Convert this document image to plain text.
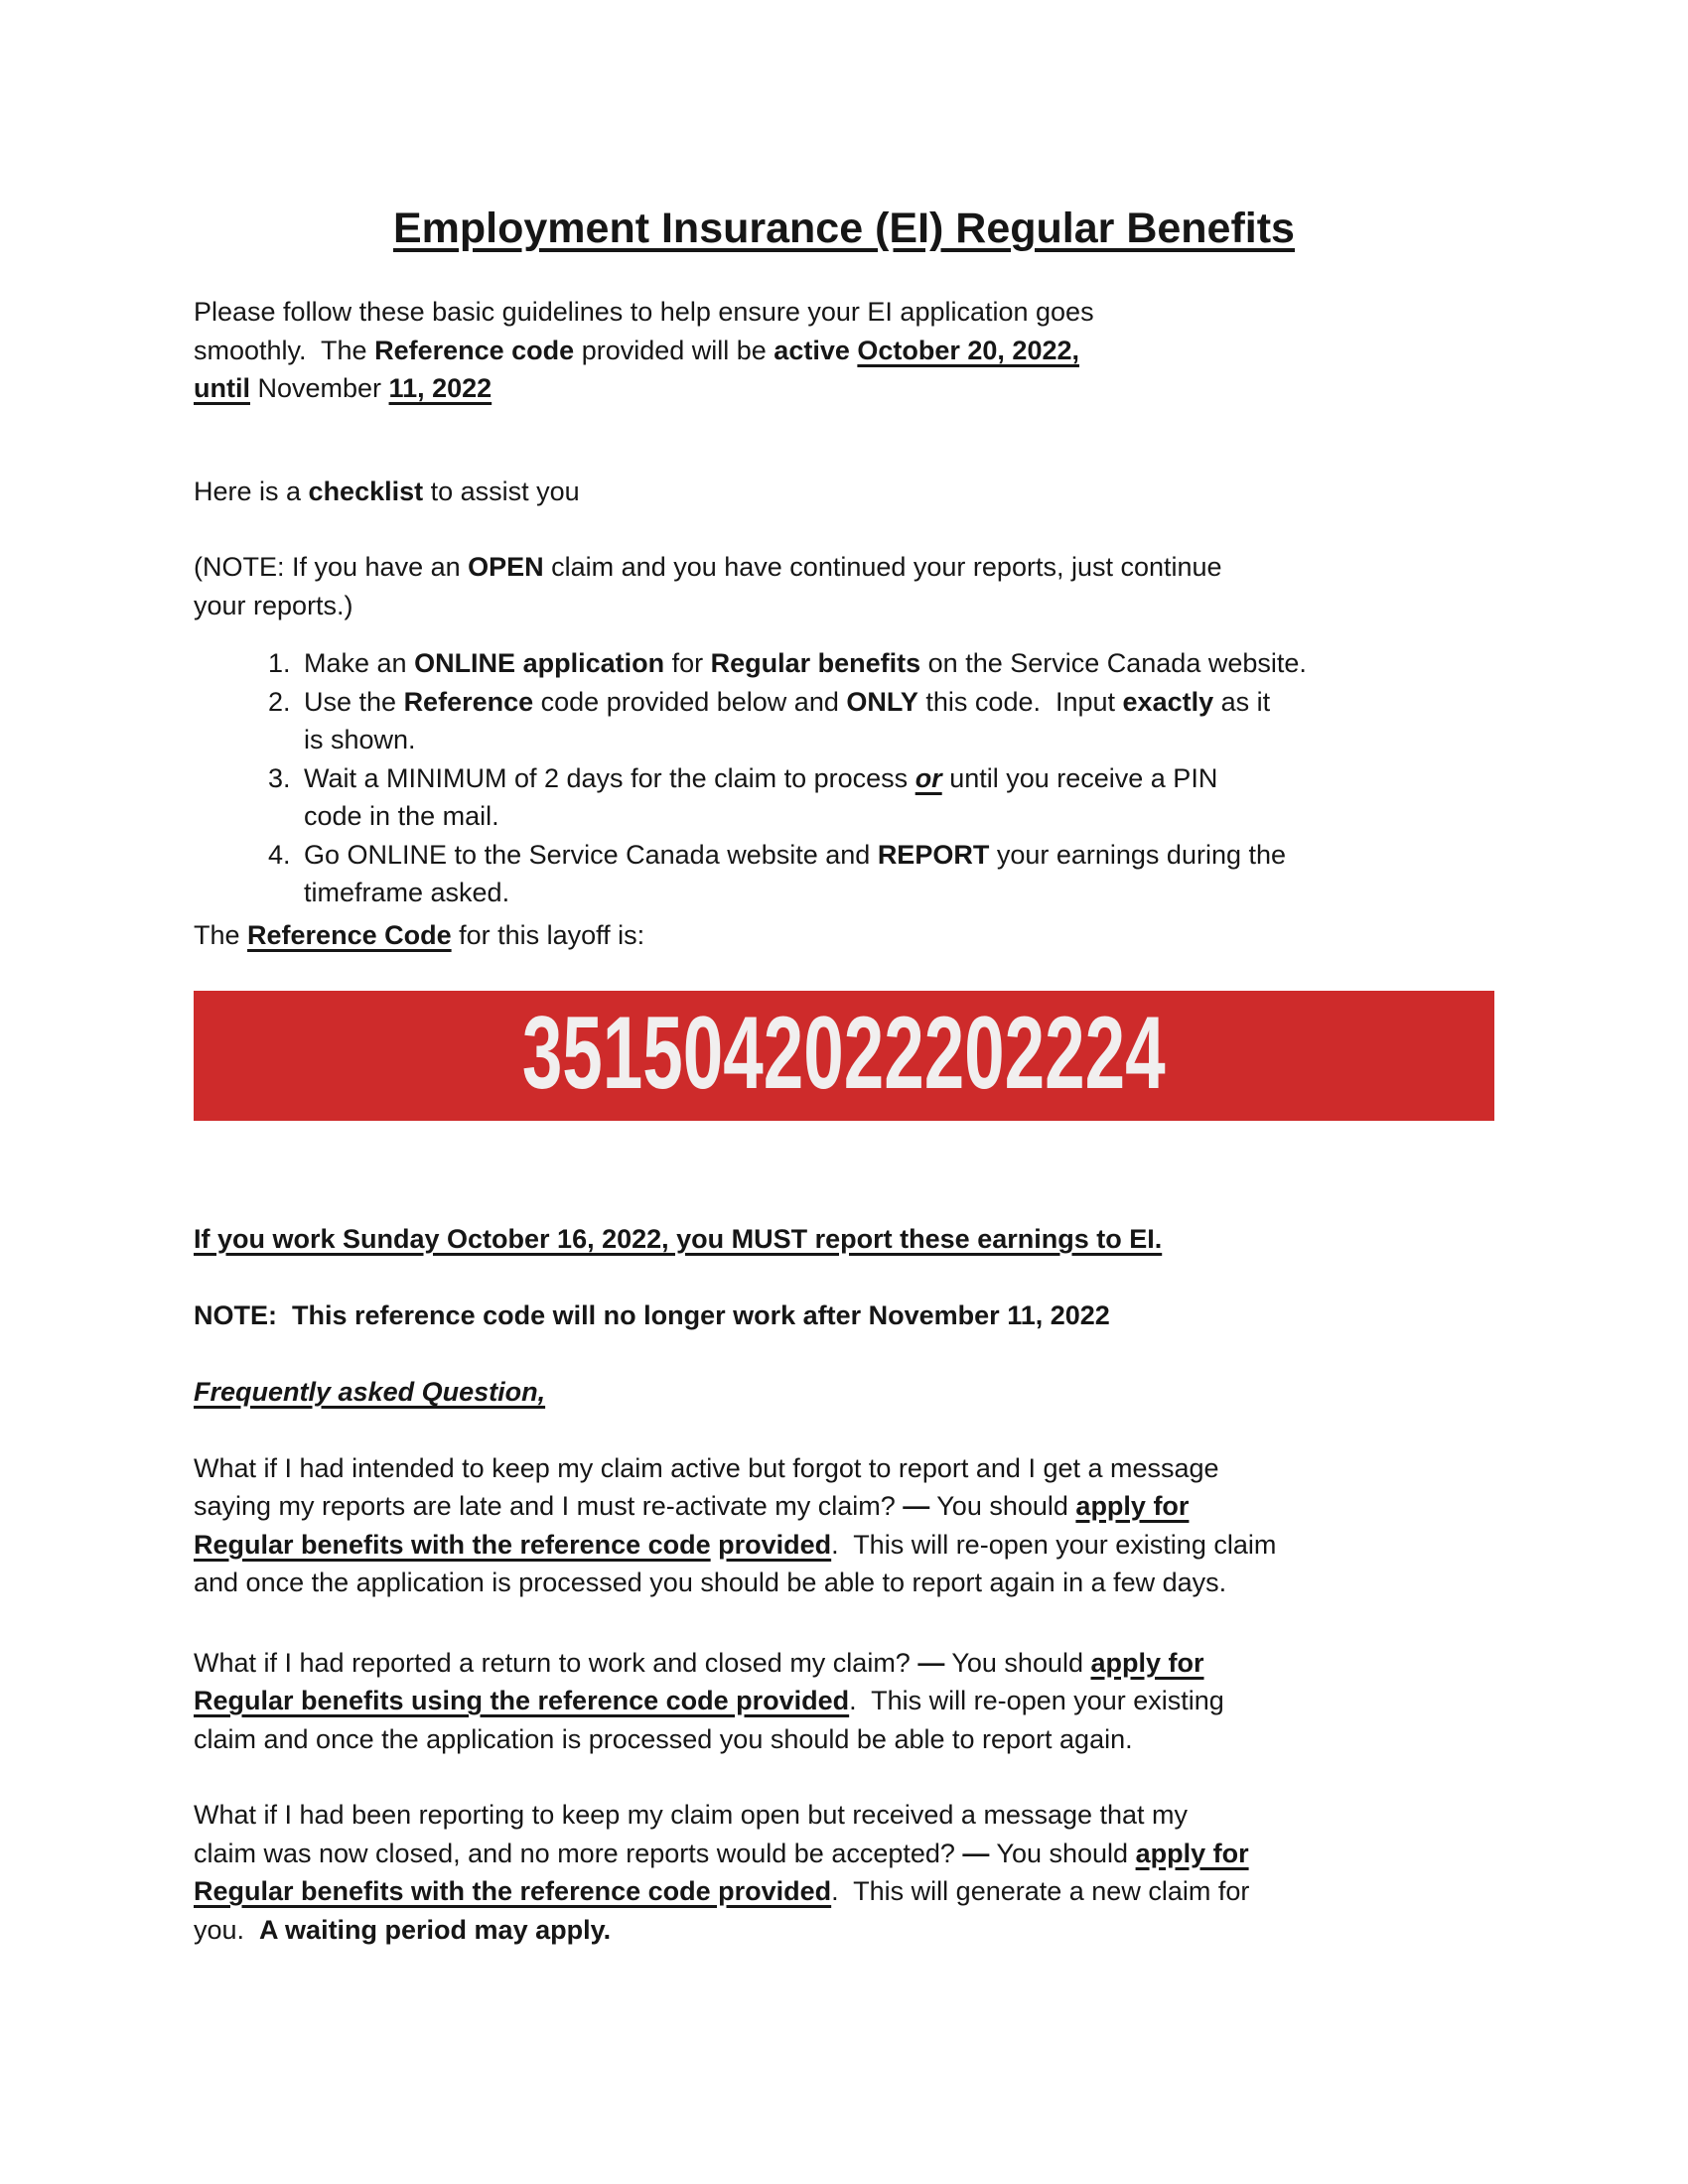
Employment Insurance (EI) Regular Benefits

Please follow these basic guidelines to help ensure your EI application goes
smoothly.  The Reference code provided will be active October 20, 2022,
until November 11, 2022

Here is a checklist to assist you

(NOTE: If you have an OPEN claim and you have continued your reports, just continue
your reports.)

1. Make an ONLINE application for Regular benefits on the Service Canada website.
2. Use the Reference code provided below and ONLY this code.  Input exactly as it
is shown.
3. Wait a MINIMUM of 2 days for the claim to process or until you receive a PIN
code in the mail.
4. Go ONLINE to the Service Canada website and REPORT your earnings during the
timeframe asked.

The Reference Code for this layoff is:

3515042022202224

If you work Sunday October 16, 2022, you MUST report these earnings to EI.

NOTE:  This reference code will no longer work after November 11, 2022

Frequently asked Question,

What if I had intended to keep my claim active but forgot to report and I get a message
saying my reports are late and I must re-activate my claim? — You should apply for
Regular benefits with the reference code provided.  This will re-open your existing claim
and once the application is processed you should be able to report again in a few days.

What if I had reported a return to work and closed my claim? — You should apply for
Regular benefits using the reference code provided.  This will re-open your existing
claim and once the application is processed you should be able to report again.

What if I had been reporting to keep my claim open but received a message that my
claim was now closed, and no more reports would be accepted? — You should apply for
Regular benefits with the reference code provided.  This will generate a new claim for
you.  A waiting period may apply.
